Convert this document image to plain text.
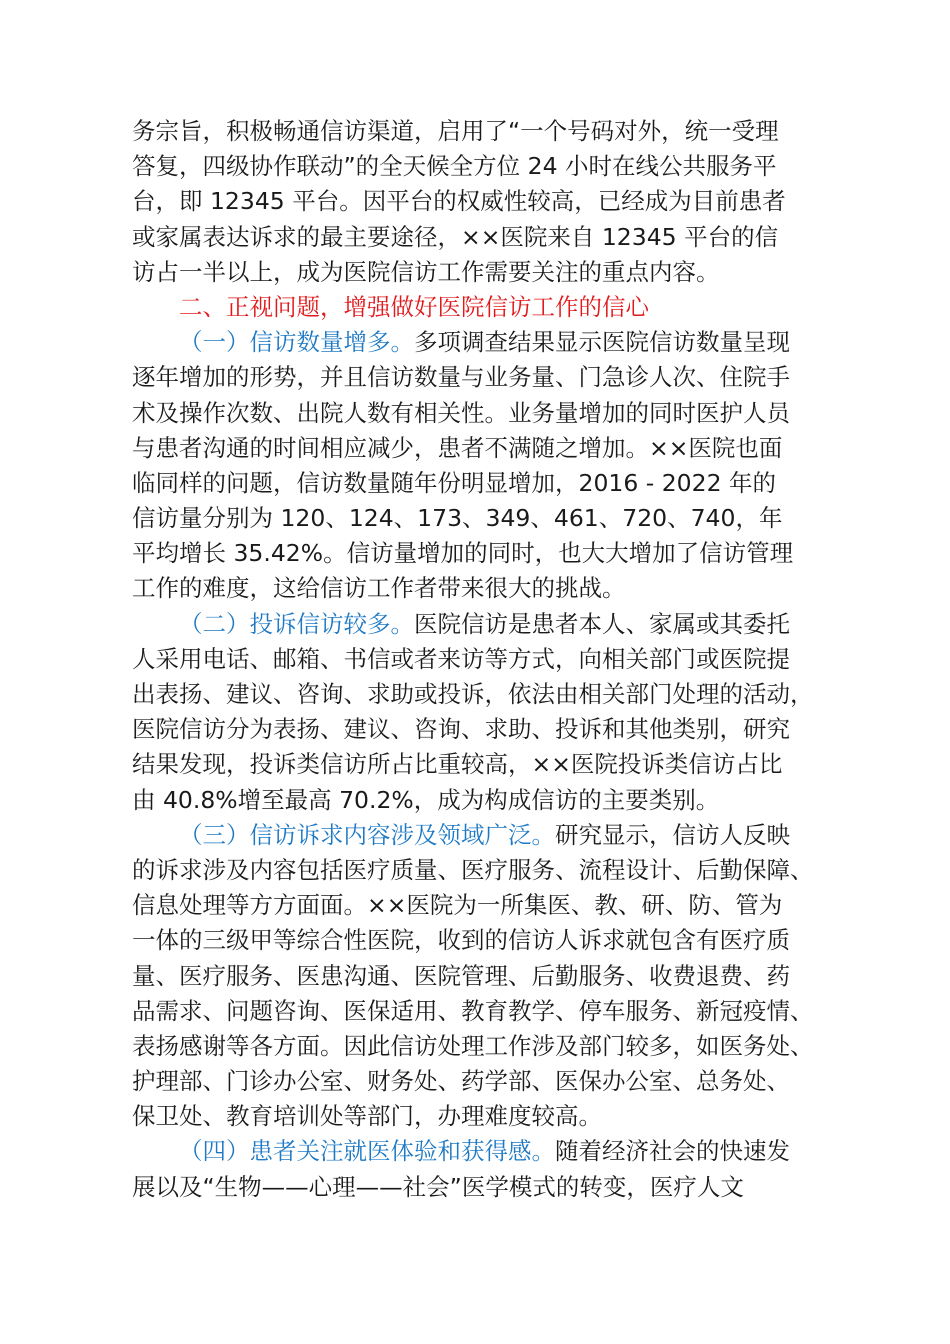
务宗旨，积极畅通信访渠道，启用了“一个号码对外，统一受理
答复，四级协作联动”的全天候全方位 24 小时在线公共服务平
台，即 12345 平台。因平台的权威性较高，已经成为目前患者
或家属表达诉求的最主要途径，××医院来自 12345 平台的信
访占一半以上，成为医院信访工作需要关注的重点内容。
二、正视问题，增强做好医院信访工作的信心
（一）信访数量增多。多项调查结果显示医院信访数量呈现
逐年增加的形势，并且信访数量与业务量、门急诊人次、住院手
术及操作次数、出院人数有相关性。业务量增加的同时医护人员
与患者沟通的时间相应减少，患者不满随之增加。××医院也面
临同样的问题，信访数量随年份明显增加，2016 - 2022 年的
信访量分别为 120、124、173、349、461、720、740，年
平均增长 35.42%。信访量增加的同时，也大大增加了信访管理
工作的难度，这给信访工作者带来很大的挑战。
（二）投诉信访较多。医院信访是患者本人、家属或其委托
人采用电话、邮箱、书信或者来访等方式，向相关部门或医院提
出表扬、建议、咨询、求助或投诉，依法由相关部门处理的活动，
医院信访分为表扬、建议、咨询、求助、投诉和其他类别，研究
结果发现，投诉类信访所占比重较高，××医院投诉类信访占比
由 40.8%增至最高 70.2%，成为构成信访的主要类别。
（三）信访诉求内容涉及领域广泛。研究显示，信访人反映
的诉求涉及内容包括医疗质量、医疗服务、流程设计、后勤保障、
信息处理等方方面面。××医院为一所集医、教、研、防、管为
一体的三级甲等综合性医院，收到的信访人诉求就包含有医疗质
量、医疗服务、医患沟通、医院管理、后勤服务、收费退费、药
品需求、问题咨询、医保适用、教育教学、停车服务、新冠疫情、
表扬感谢等各方面。因此信访处理工作涉及部门较多，如医务处、
护理部、门诊办公室、财务处、药学部、医保办公室、总务处、
保卫处、教育培训处等部门，办理难度较高。
（四）患者关注就医体验和获得感。随着经济社会的快速发
展以及“生物——心理——社会”医学模式的转变，医疗人文
